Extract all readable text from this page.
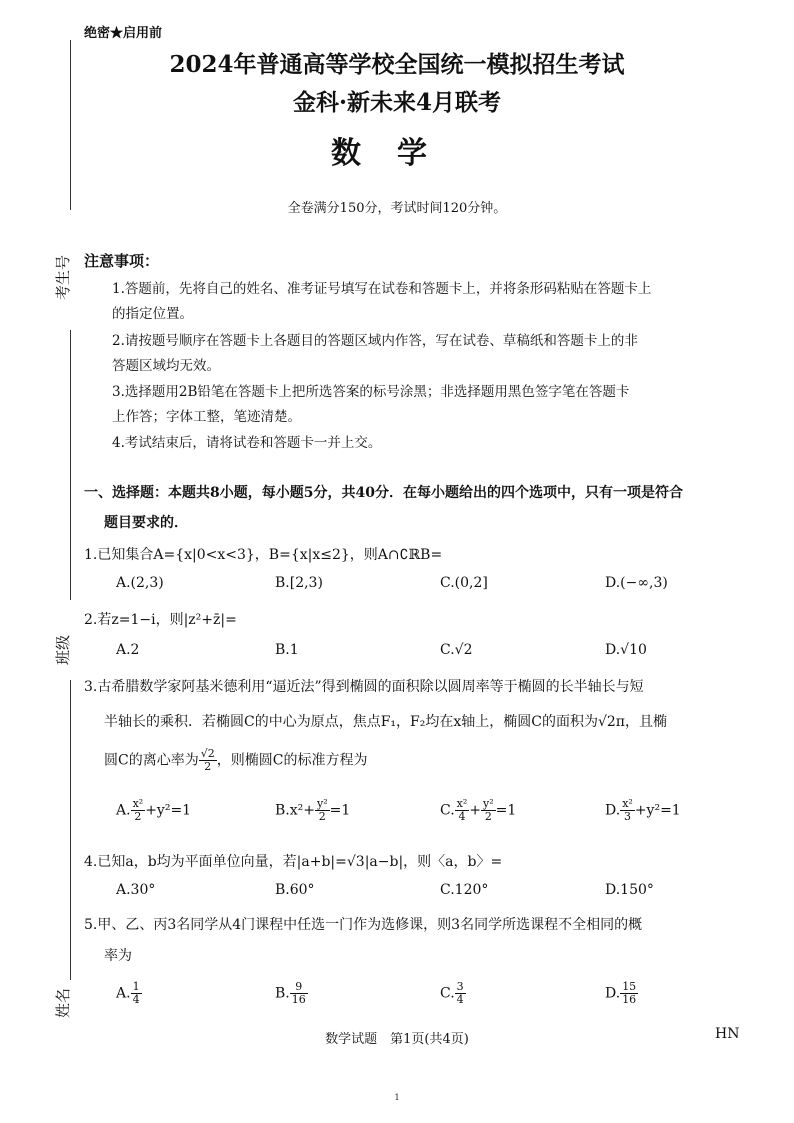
考生号
班级
姓名
绝密★启用前
2024年普通高等学校全国统一模拟招生考试
金科·新未来4月联考
数学
全卷满分150分，考试时间120分钟。
注意事项：
1.答题前，先将自己的姓名、准考证号填写在试卷和答题卡上，并将条形码粘贴在答题卡上
的指定位置。
2.请按题号顺序在答题卡上各题目的答题区域内作答，写在试卷、草稿纸和答题卡上的非
答题区域均无效。
3.选择题用2B铅笔在答题卡上把所选答案的标号涂黑；非选择题用黑色签字笔在答题卡
上作答；字体工整，笔迹清楚。
4.考试结束后，请将试卷和答题卡一并上交。
一、选择题：本题共8小题，每小题5分，共40分．在每小题给出的四个选项中，只有一项是符合
题目要求的．
1.已知集合A={x|0<x<3}，B={x|x≤2}，则A∩∁ℝB=
A.(2,3)	B.[2,3)	C.(0,2]	D.(−∞,3)
2.若z=1−i，则|z²+z̄|=
A.2	B.1	C.√2	D.√10
3.古希腊数学家阿基米德利用“逼近法”得到椭圆的面积除以圆周率等于椭圆的长半轴长与短
半轴长的乘积．若椭圆C的中心为原点，焦点F₁，F₂均在x轴上，椭圆C的面积为√2π，且椭
圆C的离心率为 $\frac{√2}{2}$ ，则椭圆C的标准方程为
A. $\frac{\text{x²}}{2} +y^2=1$	$B.x^2+ \frac{\text{y²}}{2} =1$	C. $\frac{\text{x²}}{4} + \frac{\text{y²}}{2} =1$	D. $\frac{\text{x²}}{3} +y^2=1$
4.已知a，b均为平面单位向量，若|a+b|=√3|a−b|，则〈a，b〉=
A.30°	B.60°	C.120°	D.150°
5.甲、乙、丙3名同学从4门课程中任选一门作为选修课，则3名同学所选课程不全相同的概
率为
A. $\frac{1}{4}$	B. $\frac{9}{16}$	C. $\frac{3}{4}$	D. $\frac{15}{16}$
数学试题　第1页(共4页)	HN
1
